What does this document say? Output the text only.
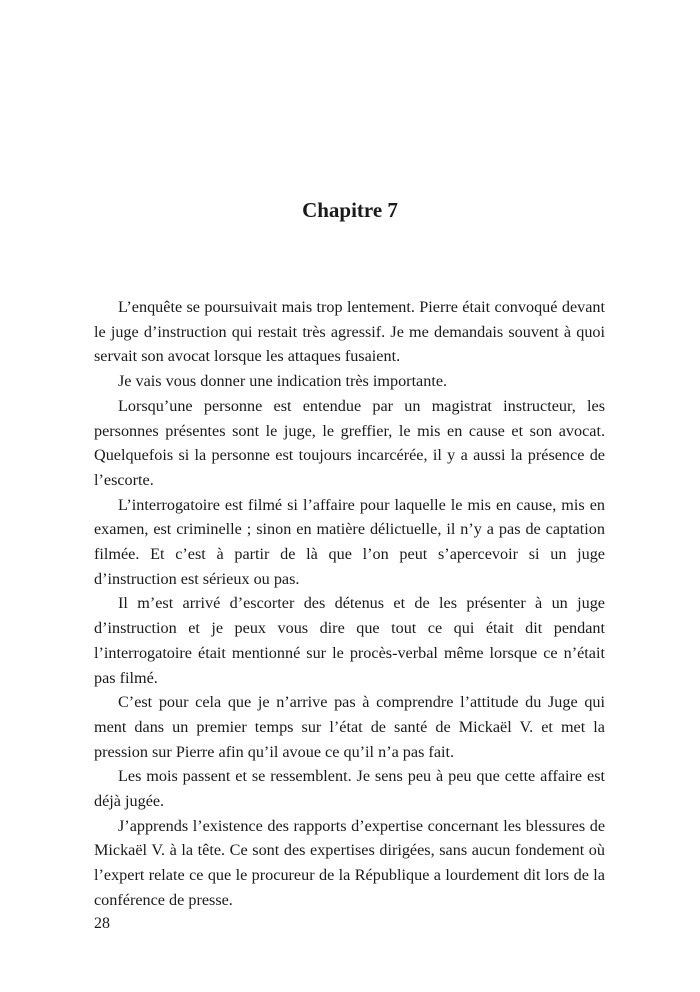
Chapitre 7

L’enquête se poursuivait mais trop lentement. Pierre était convoqué devant le juge d’instruction qui restait très agressif. Je me demandais souvent à quoi servait son avocat lorsque les attaques fusaient.

Je vais vous donner une indication très importante.

Lorsqu’une personne est entendue par un magistrat instructeur, les personnes présentes sont le juge, le greffier, le mis en cause et son avocat. Quelquefois si la personne est toujours incarcérée, il y a aussi la présence de l’escorte.

L’interrogatoire est filmé si l’affaire pour laquelle le mis en cause, mis en examen, est criminelle ; sinon en matière délictuelle, il n’y a pas de captation filmée. Et c’est à partir de là que l’on peut s’apercevoir si un juge d’instruction est sérieux ou pas.

Il m’est arrivé d’escorter des détenus et de les présenter à un juge d’instruction et je peux vous dire que tout ce qui était dit pendant l’interrogatoire était mentionné sur le procès-verbal même lorsque ce n’était pas filmé.

C’est pour cela que je n’arrive pas à comprendre l’attitude du Juge qui ment dans un premier temps sur l’état de santé de Mickaël V. et met la pression sur Pierre afin qu’il avoue ce qu’il n’a pas fait.

Les mois passent et se ressemblent. Je sens peu à peu que cette affaire est déjà jugée.

J’apprends l’existence des rapports d’expertise concernant les blessures de Mickaël V. à la tête. Ce sont des expertises dirigées, sans aucun fondement où l’expert relate ce que le procureur de la République a lourdement dit lors de la conférence de presse.

28
